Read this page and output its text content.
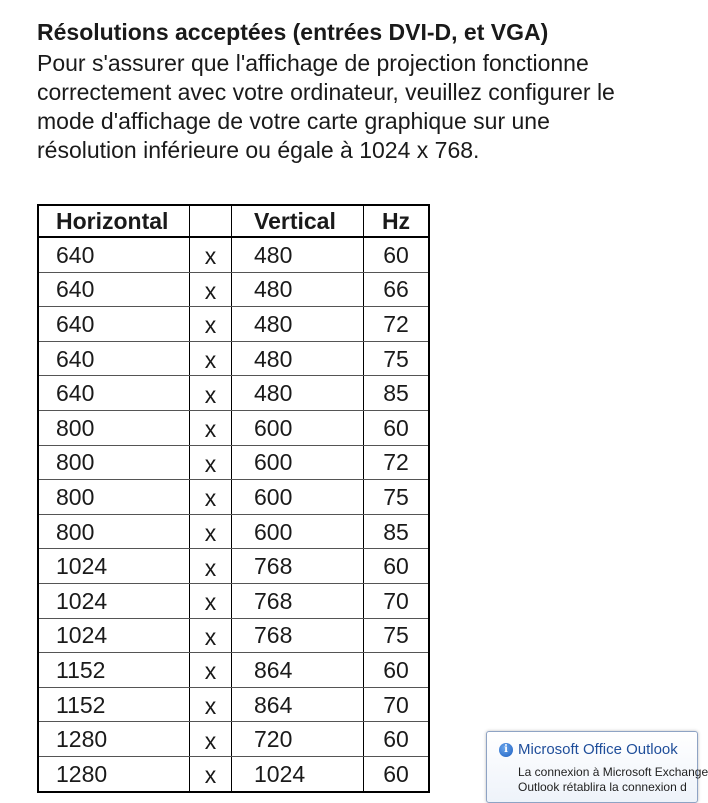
Résolutions acceptées (entrées DVI-D, et VGA)
Pour s'assurer que l'affichage de projection fonctionne
correctement avec votre ordinateur, veuillez configurer le
mode d'affichage de votre carte graphique sur une
résolution inférieure ou égale à 1024 x 768.
Horizontal		Vertical	Hz
640	x	480	60
640	x	480	66
640	x	480	72
640	x	480	75
640	x	480	85
800	x	600	60
800	x	600	72
800	x	600	75
800	x	600	85
1024	x	768	60
1024	x	768	70
1024	x	768	75
1152	x	864	60
1152	x	864	70
1280	x	720	60
1280	x	1024	60
i Microsoft Office Outlook
La connexion à Microsoft Exchange
Outlook rétablira la connexion d
